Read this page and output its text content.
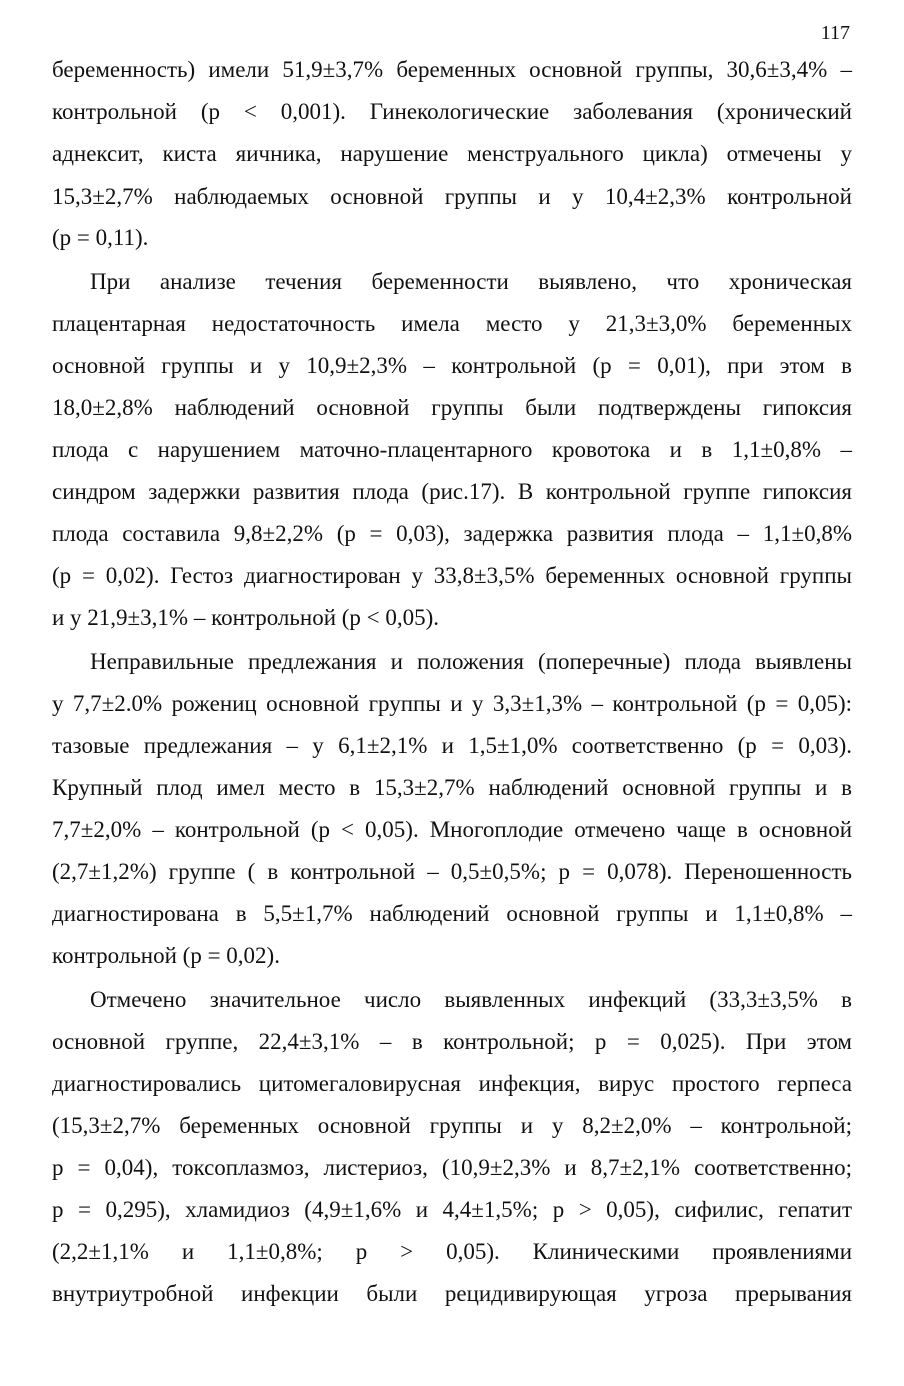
117
беременность) имели 51,9±3,7% беременных основной группы, 30,6±3,4% –
контрольной (р < 0,001). Гинекологические заболевания (хронический
аднексит, киста яичника, нарушение менструального цикла) отмечены у
15,3±2,7% наблюдаемых основной группы и у 10,4±2,3% контрольной
(р = 0,11).
При анализе течения беременности выявлено, что хроническая
плацентарная недостаточность имела место у 21,3±3,0% беременных
основной группы и у 10,9±2,3% – контрольной (р = 0,01), при этом в
18,0±2,8% наблюдений основной группы были подтверждены гипоксия
плода с нарушением маточно-плацентарного кровотока и в 1,1±0,8% –
синдром задержки развития плода (рис.17). В контрольной группе гипоксия
плода составила 9,8±2,2% (р = 0,03), задержка развития плода – 1,1±0,8%
(р = 0,02). Гестоз диагностирован у 33,8±3,5% беременных основной группы
и у 21,9±3,1% – контрольной (р < 0,05).
Неправильные предлежания и положения (поперечные) плода выявлены
у 7,7±2.0% рожениц основной группы и у 3,3±1,3% – контрольной (р = 0,05):
тазовые предлежания – у 6,1±2,1% и 1,5±1,0% соответственно (р = 0,03).
Крупный плод имел место в 15,3±2,7% наблюдений основной группы и в
7,7±2,0% – контрольной (р < 0,05). Многоплодие отмечено чаще в основной
(2,7±1,2%) группе ( в контрольной – 0,5±0,5%; р = 0,078). Переношенность
диагностирована в 5,5±1,7% наблюдений основной группы и 1,1±0,8% –
контрольной (р = 0,02).
Отмечено значительное число выявленных инфекций (33,3±3,5% в
основной группе, 22,4±3,1% – в контрольной; р = 0,025). При этом
диагностировались цитомегаловирусная инфекция, вирус простого герпеса
(15,3±2,7% беременных основной группы и у 8,2±2,0% – контрольной;
р = 0,04), токсоплазмоз, листериоз, (10,9±2,3% и 8,7±2,1% соответственно;
р = 0,295), хламидиоз (4,9±1,6% и 4,4±1,5%; р > 0,05), сифилис, гепатит
(2,2±1,1% и 1,1±0,8%; р > 0,05). Клиническими проявлениями
внутриутробной инфекции были рецидивирующая угроза прерывания
